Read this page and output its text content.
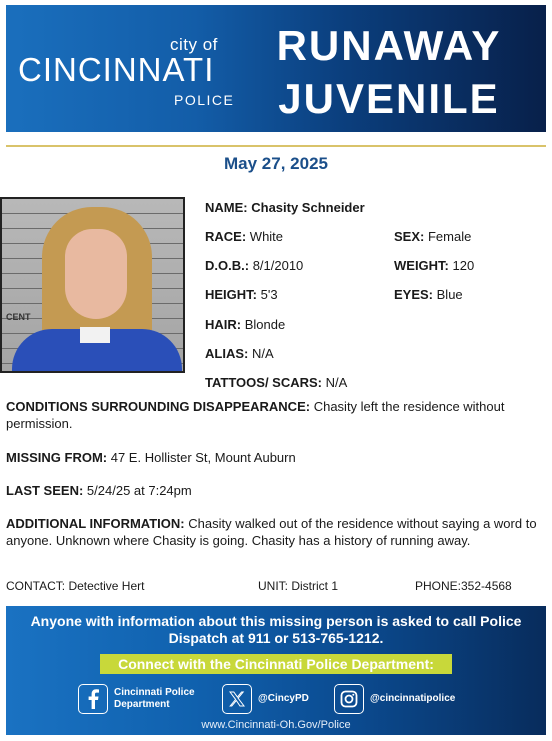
city of
CINCINNATI
POLICE
RUNAWAY
JUVENILE
May 27, 2025
CENT
NAME: Chasity Schneider
RACE: White	SEX: Female
D.O.B.: 8/1/2010	WEIGHT: 120
HEIGHT: 5'3	EYES: Blue
HAIR: Blonde
ALIAS: N/A
TATTOOS/ SCARS: N/A
CONDITIONS SURROUNDING DISAPPEARANCE: Chasity left the residence without permission.
MISSING FROM: 47 E. Hollister St, Mount Auburn
LAST SEEN: 5/24/25 at 7:24pm
ADDITIONAL INFORMATION: Chasity walked out of the residence without saying a word to anyone. Unknown where Chasity is going. Chasity has a history of running away.
CONTACT: Detective Hert	UNIT: District 1	PHONE:352-4568
Anyone with information about this missing person is asked to call Police
Dispatch at 911 or 513-765-1212.
Connect with the Cincinnati Police Department:
Cincinnati Police
Department
@CincyPD	@cincinnatipolice
www.Cincinnati-Oh.Gov/Police
